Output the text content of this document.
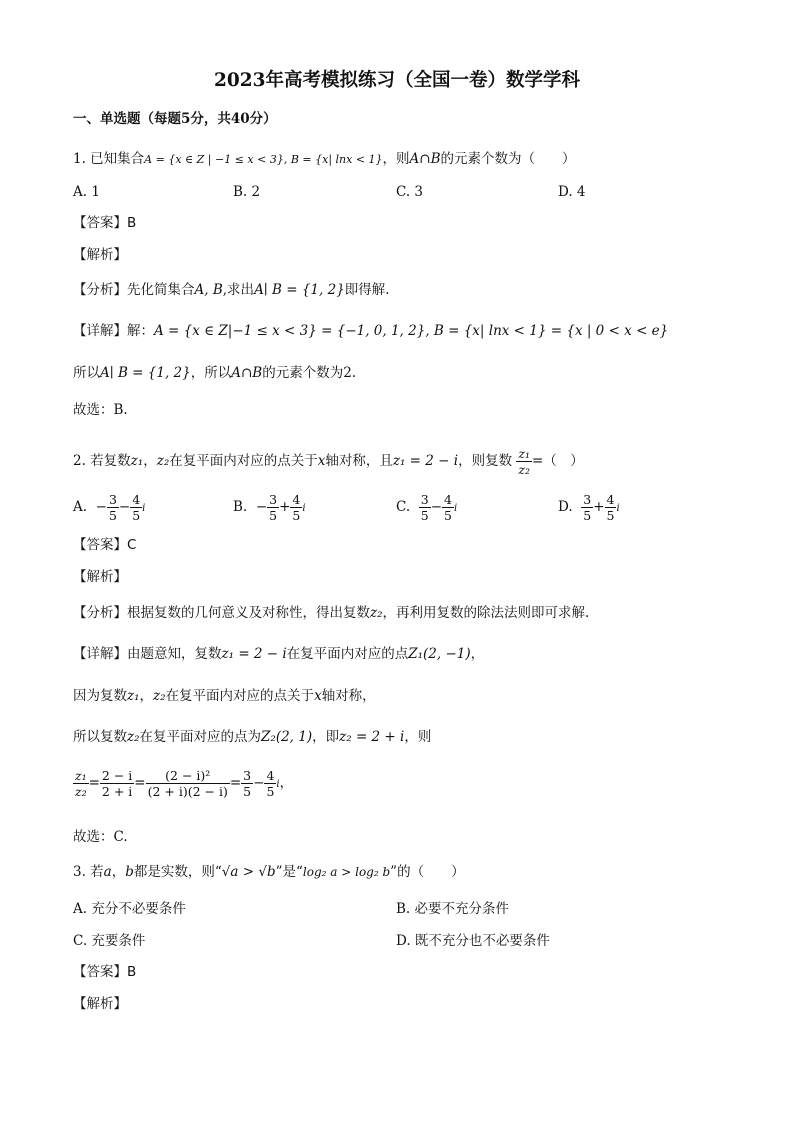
2023年高考模拟练习（全国一卷）数学学科
一、单选题（每题5分，共40分）
1. 已知集合A = {x ∈ Z | −1 ≤ x < 3}, B = {x| lnx < 1}，则A∩B的元素个数为（　　）
A. 1	B. 2	C. 3	D. 4
【答案】B
【解析】
【分析】先化简集合A, B,求出A∣ B = {1, 2}即得解.
【详解】解：A = {x ∈ Z|−1 ≤ x < 3} = {−1, 0, 1, 2}, B = {x| lnx < 1} = {x | 0 < x < e}
所以A∣ B = {1, 2}，所以A∩B的元素个数为2.
故选：B.
2. 若复数z₁，z₂在复平面内对应的点关于x轴对称，且z₁ = 2 − i，则复数 $\frac{\text{z₁}}{\text{z₂}}$ =（　）
A. − $\frac{3}{5} - \frac{4}{5}$ i	B. − $\frac{3}{5} + \frac{4}{5}$ i	C. $\frac{3}{5} - \frac{4}{5}$ i	D. $\frac{3}{5} + \frac{4}{5}$ i
【答案】C
【解析】
【分析】根据复数的几何意义及对称性，得出复数z₂，再利用复数的除法法则即可求解.
【详解】由题意知，复数z₁ = 2 − i在复平面内对应的点Z₁(2, −1)，
因为复数z₁，z₂在复平面内对应的点关于x轴对称，
所以复数z₂在复平面对应的点为Z₂(2, 1)，即z₂ = 2 + i，则
$\frac{\text{z₁}}{\text{z₂}} = \frac{2 - i}{2 + i} = \frac{\text{(2 − i)²}}{(2 + i)(2 - i)} = \frac{3}{5} - \frac{4}{5}$ i，
故选：C.
3. 若a，b都是实数，则“√a > √b”是“log₂ a > log₂ b”的（　　）
A. 充分不必要条件	B. 必要不充分条件
C. 充要条件	D. 既不充分也不必要条件
【答案】B
【解析】
